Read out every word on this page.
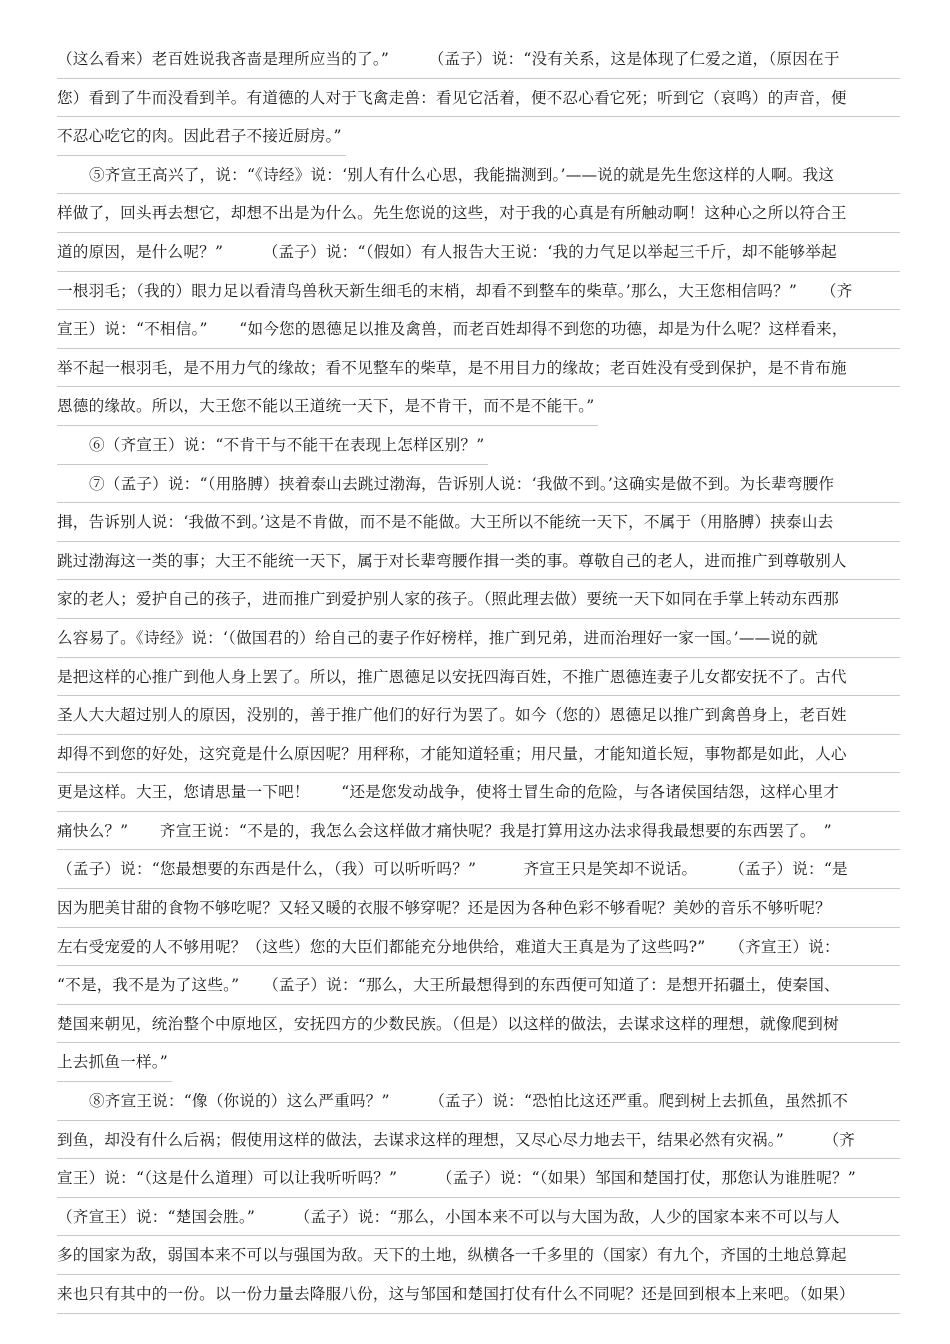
（这么看来）老百姓说我吝啬是理所应当的了。”　　　（孟子）说：“没有关系，这是体现了仁爱之道，（原因在于
您）看到了牛而没看到羊。有道德的人对于飞禽走兽：看见它活着，便不忍心看它死；听到它（哀鸣）的声音，便
不忍心吃它的肉。因此君子不接近厨房。”
⑤齐宣王高兴了，说：“《诗经》说：‘别人有什么心思，我能揣测到。’——说的就是先生您这样的人啊。我这
样做了，回头再去想它，却想不出是为什么。先生您说的这些，对于我的心真是有所触动啊！这种心之所以符合王
道的原因，是什么呢？”　　　（孟子）说：“（假如）有人报告大王说：‘我的力气足以举起三千斤，却不能够举起
一根羽毛；（我的）眼力足以看清鸟兽秋天新生细毛的末梢，却看不到整车的柴草。’那么，大王您相信吗？”　　（齐
宣王）说：“不相信。”　　“如今您的恩德足以推及禽兽，而老百姓却得不到您的功德，却是为什么呢？这样看来，
举不起一根羽毛，是不用力气的缘故；看不见整车的柴草，是不用目力的缘故；老百姓没有受到保护，是不肯布施
恩德的缘故。所以，大王您不能以王道统一天下，是不肯干，而不是不能干。”
⑥（齐宣王）说：“不肯干与不能干在表现上怎样区别？”
⑦（孟子）说：“（用胳膊）挟着泰山去跳过渤海，告诉别人说：‘我做不到。’这确实是做不到。为长辈弯腰作
揖，告诉别人说：‘我做不到。’这是不肯做，而不是不能做。大王所以不能统一天下，不属于（用胳膊）挟泰山去
跳过渤海这一类的事；大王不能统一天下，属于对长辈弯腰作揖一类的事。尊敬自己的老人，进而推广到尊敬别人
家的老人；爱护自己的孩子，进而推广到爱护别人家的孩子。（照此理去做）要统一天下如同在手掌上转动东西那
么容易了。《诗经》说：‘（做国君的）给自己的妻子作好榜样，推广到兄弟，进而治理好一家一国。’——说的就
是把这样的心推广到他人身上罢了。所以，推广恩德足以安抚四海百姓，不推广恩德连妻子儿女都安抚不了。古代
圣人大大超过别人的原因，没别的，善于推广他们的好行为罢了。如今（您的）恩德足以推广到禽兽身上，老百姓
却得不到您的好处，这究竟是什么原因呢？用秤称，才能知道轻重；用尺量，才能知道长短，事物都是如此，人心
更是这样。大王，您请思量一下吧！　　“还是您发动战争，使将士冒生命的危险，与各诸侯国结怨，这样心里才
痛快么？”　　齐宣王说：“不是的，我怎么会这样做才痛快呢？我是打算用这办法求得我最想要的东西罢了。　”
（孟子）说：“您最想要的东西是什么，（我）可以听听吗？”　　　齐宣王只是笑却不说话。　　　（孟子）说：“是
因为肥美甘甜的食物不够吃呢？又轻又暖的衣服不够穿呢？还是因为各种色彩不够看呢？美妙的音乐不够听呢？
左右受宠爱的人不够用呢？（这些）您的大臣们都能充分地供给，难道大王真是为了这些吗?”　　（齐宣王）说：
“不是，我不是为了这些。”　　（孟子）说：“那么，大王所最想得到的东西便可知道了：是想开拓疆土，使秦国、
楚国来朝见，统治整个中原地区，安抚四方的少数民族。（但是）以这样的做法，去谋求这样的理想，就像爬到树
上去抓鱼一样。”
⑧齐宣王说：“像（你说的）这么严重吗？”　　　（孟子）说：“恐怕比这还严重。爬到树上去抓鱼，虽然抓不
到鱼，却没有什么后祸；假使用这样的做法，去谋求这样的理想，又尽心尽力地去干，结果必然有灾祸。”　　　（齐
宣王）说：“（这是什么道理）可以让我听听吗？”　　　（孟子）说：“（如果）邹国和楚国打仗，那您认为谁胜呢？”
（齐宣王）说：“楚国会胜。”　　　（孟子）说：“那么，小国本来不可以与大国为敌，人少的国家本来不可以与人
多的国家为敌，弱国本来不可以与强国为敌。天下的土地，纵横各一千多里的（国家）有九个，齐国的土地总算起
来也只有其中的一份。以一份力量去降服八份，这与邹国和楚国打仗有什么不同呢？还是回到根本上来吧。（如果）
